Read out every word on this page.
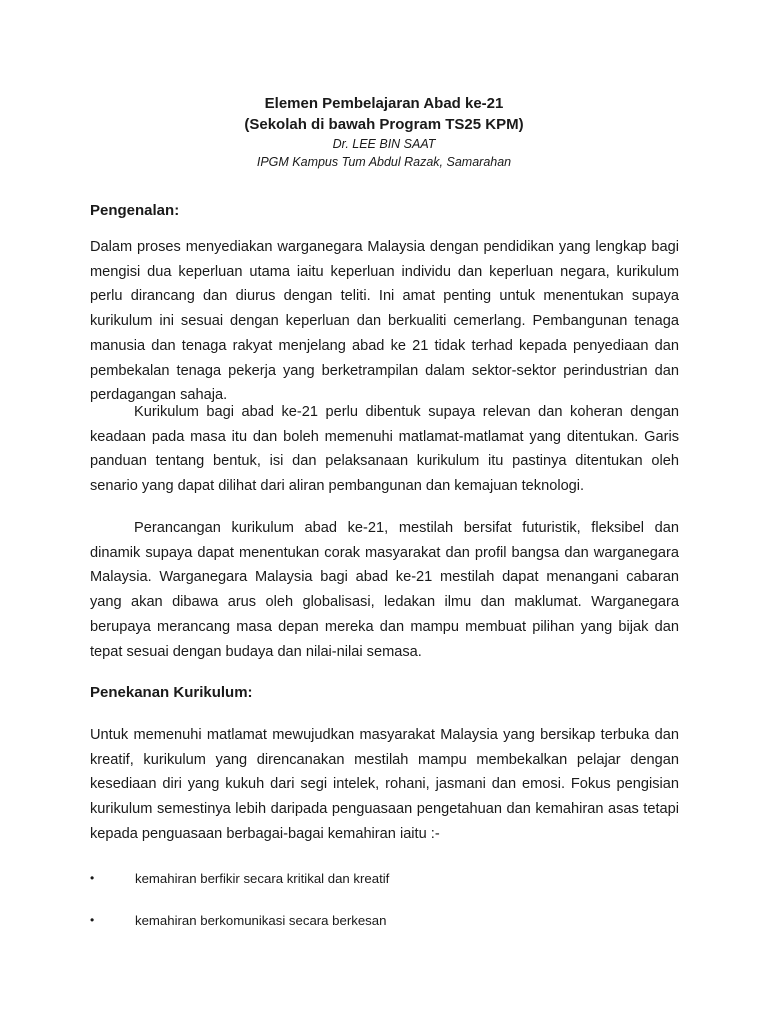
Elemen Pembelajaran Abad ke-21
(Sekolah di bawah Program TS25 KPM)
Dr. LEE BIN SAAT
IPGM Kampus Tum Abdul Razak, Samarahan
Pengenalan:

Dalam proses menyediakan warganegara Malaysia dengan pendidikan yang lengkap bagi mengisi dua keperluan utama iaitu keperluan individu dan keperluan negara, kurikulum perlu dirancang dan diurus dengan teliti. Ini amat penting untuk menentukan supaya kurikulum ini sesuai dengan keperluan dan berkualiti cemerlang. Pembangunan tenaga manusia dan tenaga rakyat menjelang abad ke 21 tidak terhad kepada penyediaan dan pembekalan tenaga pekerja yang berketrampilan dalam sektor-sektor perindustrian dan perdagangan sahaja.

Kurikulum bagi abad ke-21 perlu dibentuk supaya relevan dan koheran dengan keadaan pada masa itu dan boleh memenuhi matlamat-matlamat yang ditentukan. Garis panduan tentang bentuk, isi dan pelaksanaan kurikulum itu pastinya ditentukan oleh senario yang dapat dilihat dari aliran pembangunan dan kemajuan teknologi.

Perancangan kurikulum abad ke-21, mestilah bersifat futuristik, fleksibel dan dinamik supaya dapat menentukan corak masyarakat dan profil bangsa dan warganegara Malaysia. Warganegara Malaysia bagi abad ke-21 mestilah dapat menangani cabaran yang akan dibawa arus oleh globalisasi, ledakan ilmu dan maklumat. Warganegara berupaya merancang masa depan mereka dan mampu membuat pilihan yang bijak dan tepat sesuai dengan budaya dan nilai-nilai semasa.

Penekanan Kurikulum:

Untuk memenuhi matlamat mewujudkan masyarakat Malaysia yang bersikap terbuka dan kreatif, kurikulum yang direncanakan mestilah mampu membekalkan pelajar dengan kesediaan diri yang kukuh dari segi intelek, rohani, jasmani dan emosi. Fokus pengisian kurikulum semestinya lebih daripada penguasaan pengetahuan dan kemahiran asas tetapi kepada penguasaan berbagai-bagai kemahiran iaitu :-

•	kemahiran berfikir secara kritikal dan kreatif
•	kemahiran berkomunikasi secara berkesan
